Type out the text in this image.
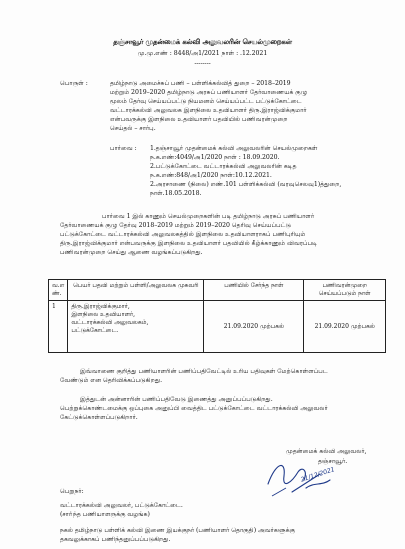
தஞ்சாவூர் முதன்மைக் கல்வி அலுவலரின் செயல்முறைகள்
மு.மு.எண் : 8448/அ1/2021 நாள் : .12.2021
--------
பொருள் :	தமிழ்நாடு அமைச்சுப் பணி – பள்ளிக்கல்வித் துறை – 2018–2019
மற்றும் 2019–2020 தமிழ்நாடு அரசுப் பணியாளர் தேர்வாணையக் குழு
மூலம் தேர்வு செய்யப்பட்டு நியமனம் செய்யப்பட்ட பட்டுக்கோட்டை
வட்டாரக்கல்வி அலுவலக இளநிலை உதவியாளர் திரு.இராஜ்விக்குமார்
என்பவருக்கு இளநிலை உதவியாளர் பதவியில் பணிவரன்முறை
செய்தல் – சார்பு.
பார்வை : 1.தஞ்சாவூர் முதன்மைக் கல்வி அலுவலரின் செயல்முறைகள்
ந.க.எண்:4049/அ1/2020 நாள் : 18.09.2020.
2.பட்டுக்கோட்டை வட்டாரக்கல்வி அலுவலரின் கடித
ந.க.எண்:848/அ1/2020 நாள்:10.12.2021.
2.அரசாணை (நிலை) எண்.101 பள்ளிக்கல்வி (வரவுசெலவு1)த்துறை,
நாள்.18.05.2018.
பார்வை 1 இல் காணும் செயல்முறைகளின் படி தமிழ்நாடு அரசுப் பணியாளர்
தேர்வாணையக் குழு தேர்வு 2018–2019 மற்றும் 2019–2020 தெரிவு செய்யப்பட்டு
பட்டுக்கோட்டை வட்டாரக்கல்வி அலுவலகத்தில் இளநிலை உதவியாளராகப் பணிபுரியும்
திரு.இராஜ்விக்குமார் என்பவருக்கு இளநிலை உதவியாளர் பதவியில் கீழ்க்காணும் விவரப்படி
பணிவரன்முறை செய்து ஆணை வழங்கப்படுகிறது.
வ.எ ண்.	பெயர் பதவி மற்றும் பள்ளி/அலுவலக முகவரி	பணியில் சேர்ந்த நாள்	பணிவரன்முறை செய்யப்படும் நாள்
1	திரு.இராஜ்விக்குமார்,
இளநிலை உதவியாளர்,
வட்டாரக்கல்வி அலுவலகம்,
பட்டுக்கோட்டை.	21.09.2020 முற்பகல்	21.09.2020 முற்பகல்
இவ்வாணை குறித்து பணியாளரின் பணிப்பதிவேட்டில் உரிய பதிவுகள் மேற்கொள்ளப்பட
வேண்டும் என தெரிவிக்கப்படுகிறது.
இத்துடன் அன்னாரின் பணிப்பதிவேடு இணைத்து அனுப்பப்படுகிறது.
பெற்றுக்கொண்டமைக்கு ஒப்புகை அனுப்பி வைத்திட பட்டுக்கோட்டை வட்டாரக்கல்வி அலுவலர்
கேட்டுக்கொள்ளப்படுகிறார்.
முதன்மைக் கல்வி அலுவலர்,
தஞ்சாவூர்.
21/12/2021
பெறுநர்:
வட்டாரக்கல்வி அலுவலர், பட்டுக்கோட்டை.
(சாா்ந்த பணியாளருக்கு வழங்க)
நகல் தமிழ்நாடு பள்ளிக் கல்வி இணை இயக்குநர் (பணியாளர் தொகுதி) அவர்களுக்கு
தகவலுக்காகப் பணிந்தனுப்பப்படுகிறது.
